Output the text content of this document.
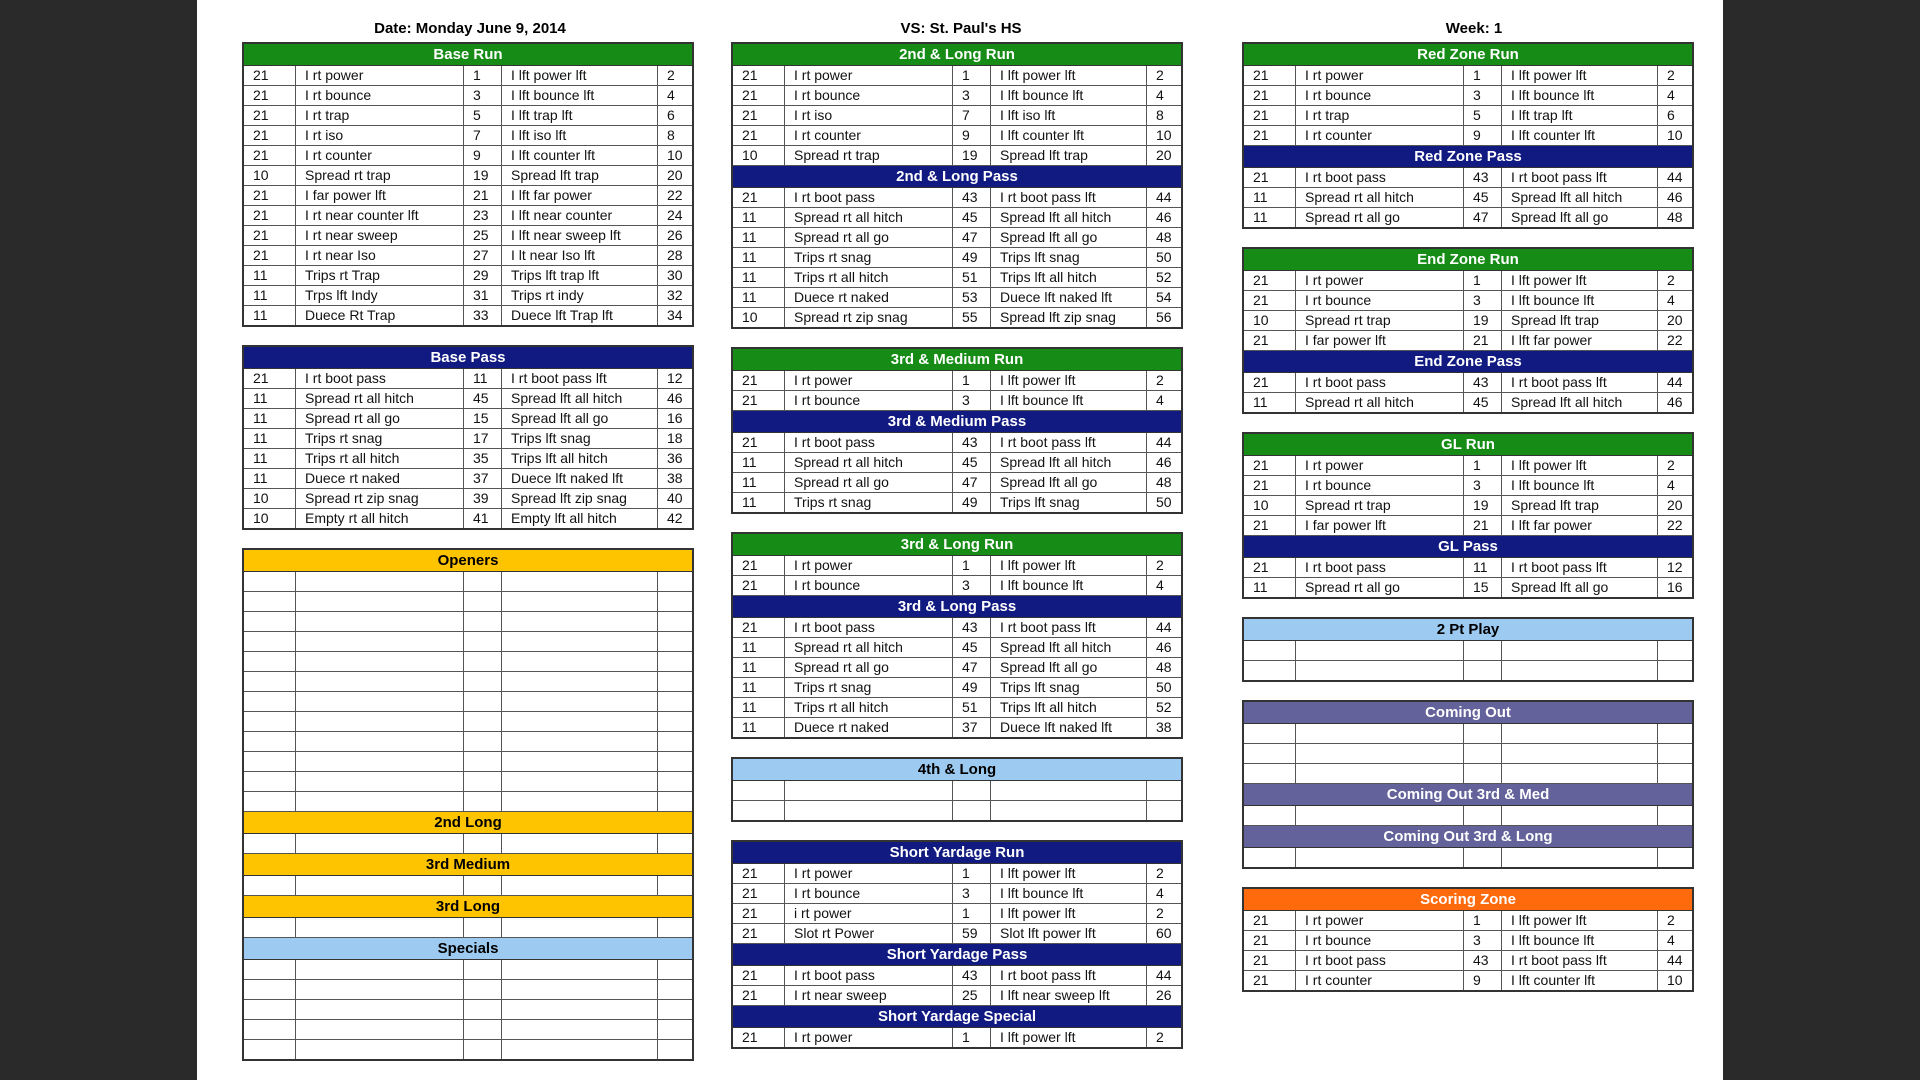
Date: Monday June 9, 2014	VS: St. Paul's HS	Week: 1
Base Run
21	I rt power	1	I lft power lft	2
21	I rt bounce	3	I lft bounce lft	4
21	I rt trap	5	I lft trap lft	6
21	I rt iso	7	I lft iso lft	8
21	I rt counter	9	I lft counter lft	10
10	Spread rt trap	19	Spread lft trap	20
21	I far power lft	21	I lft far power	22
21	I rt near counter lft	23	I lft near counter	24
21	I rt near sweep	25	I lft near sweep lft	26
21	I rt near Iso	27	I lt near Iso lft	28
11	Trips rt Trap	29	Trips lft trap lft	30
11	Trps lft Indy	31	Trips rt indy	32
11	Duece Rt Trap	33	Duece lft Trap lft	34
Base Pass
21	I rt boot pass	11	I rt boot pass lft	12
11	Spread rt all hitch	45	Spread lft all hitch	46
11	Spread rt all go	15	Spread lft all go	16
11	Trips rt snag	17	Trips lft snag	18
11	Trips rt all hitch	35	Trips lft all hitch	36
11	Duece rt naked	37	Duece lft naked lft	38
10	Spread rt zip snag	39	Spread lft zip snag	40
10	Empty rt all hitch	41	Empty lft all hitch	42
Openers
2nd Long
3rd Medium
3rd Long
Specials
2nd & Long Run
21	I rt power	1	I lft power lft	2
21	I rt bounce	3	I lft bounce lft	4
21	I rt iso	7	I lft iso lft	8
21	I rt counter	9	I lft counter lft	10
10	Spread rt trap	19	Spread lft trap	20
2nd & Long Pass
21	I rt boot pass	43	I rt boot pass lft	44
11	Spread rt all hitch	45	Spread lft all hitch	46
11	Spread rt all go	47	Spread lft all go	48
11	Trips rt snag	49	Trips lft snag	50
11	Trips rt all hitch	51	Trips lft all hitch	52
11	Duece rt naked	53	Duece lft naked lft	54
10	Spread rt zip snag	55	Spread lft zip snag	56
3rd & Medium Run
21	I rt power	1	I lft power lft	2
21	I rt bounce	3	I lft bounce lft	4
3rd & Medium Pass
21	I rt boot pass	43	I rt boot pass lft	44
11	Spread rt all hitch	45	Spread lft all hitch	46
11	Spread rt all go	47	Spread lft all go	48
11	Trips rt snag	49	Trips lft snag	50
3rd & Long Run
21	I rt power	1	I lft power lft	2
21	I rt bounce	3	I lft bounce lft	4
3rd & Long Pass
21	I rt boot pass	43	I rt boot pass lft	44
11	Spread rt all hitch	45	Spread lft all hitch	46
11	Spread rt all go	47	Spread lft all go	48
11	Trips rt snag	49	Trips lft snag	50
11	Trips rt all hitch	51	Trips lft all hitch	52
11	Duece rt naked	37	Duece lft naked lft	38
4th & Long
Short Yardage Run
21	I rt power	1	I lft power lft	2
21	I rt bounce	3	I lft bounce lft	4
21	i rt power	1	I lft power lft	2
21	Slot rt Power	59	Slot lft power lft	60
Short Yardage Pass
21	I rt boot pass	43	I rt boot pass lft	44
21	I rt near sweep	25	I lft near sweep lft	26
Short Yardage Special
21	I rt power	1	I lft power lft	2
Red Zone Run
21	I rt power	1	I lft power lft	2
21	I rt bounce	3	I lft bounce lft	4
21	I rt trap	5	I lft trap lft	6
21	I rt counter	9	I lft counter lft	10
Red Zone Pass
21	I rt boot pass	43	I rt boot pass lft	44
11	Spread rt all hitch	45	Spread lft all hitch	46
11	Spread rt all go	47	Spread lft all go	48
End Zone Run
21	I rt power	1	I lft power lft	2
21	I rt bounce	3	I lft bounce lft	4
10	Spread rt trap	19	Spread lft trap	20
21	I far power lft	21	I lft far power	22
End Zone Pass
21	I rt boot pass	43	I rt boot pass lft	44
11	Spread rt all hitch	45	Spread lft all hitch	46
GL Run
21	I rt power	1	I lft power lft	2
21	I rt bounce	3	I lft bounce lft	4
10	Spread rt trap	19	Spread lft trap	20
21	I far power lft	21	I lft far power	22
GL Pass
21	I rt boot pass	11	I rt boot pass lft	12
11	Spread rt all go	15	Spread lft all go	16
2 Pt Play
Coming Out
Coming Out 3rd & Med
Coming Out 3rd & Long
Scoring Zone
21	I rt power	1	I lft power lft	2
21	I rt bounce	3	I lft bounce lft	4
21	I rt boot pass	43	I rt boot pass lft	44
21	I rt counter	9	I lft counter lft	10
